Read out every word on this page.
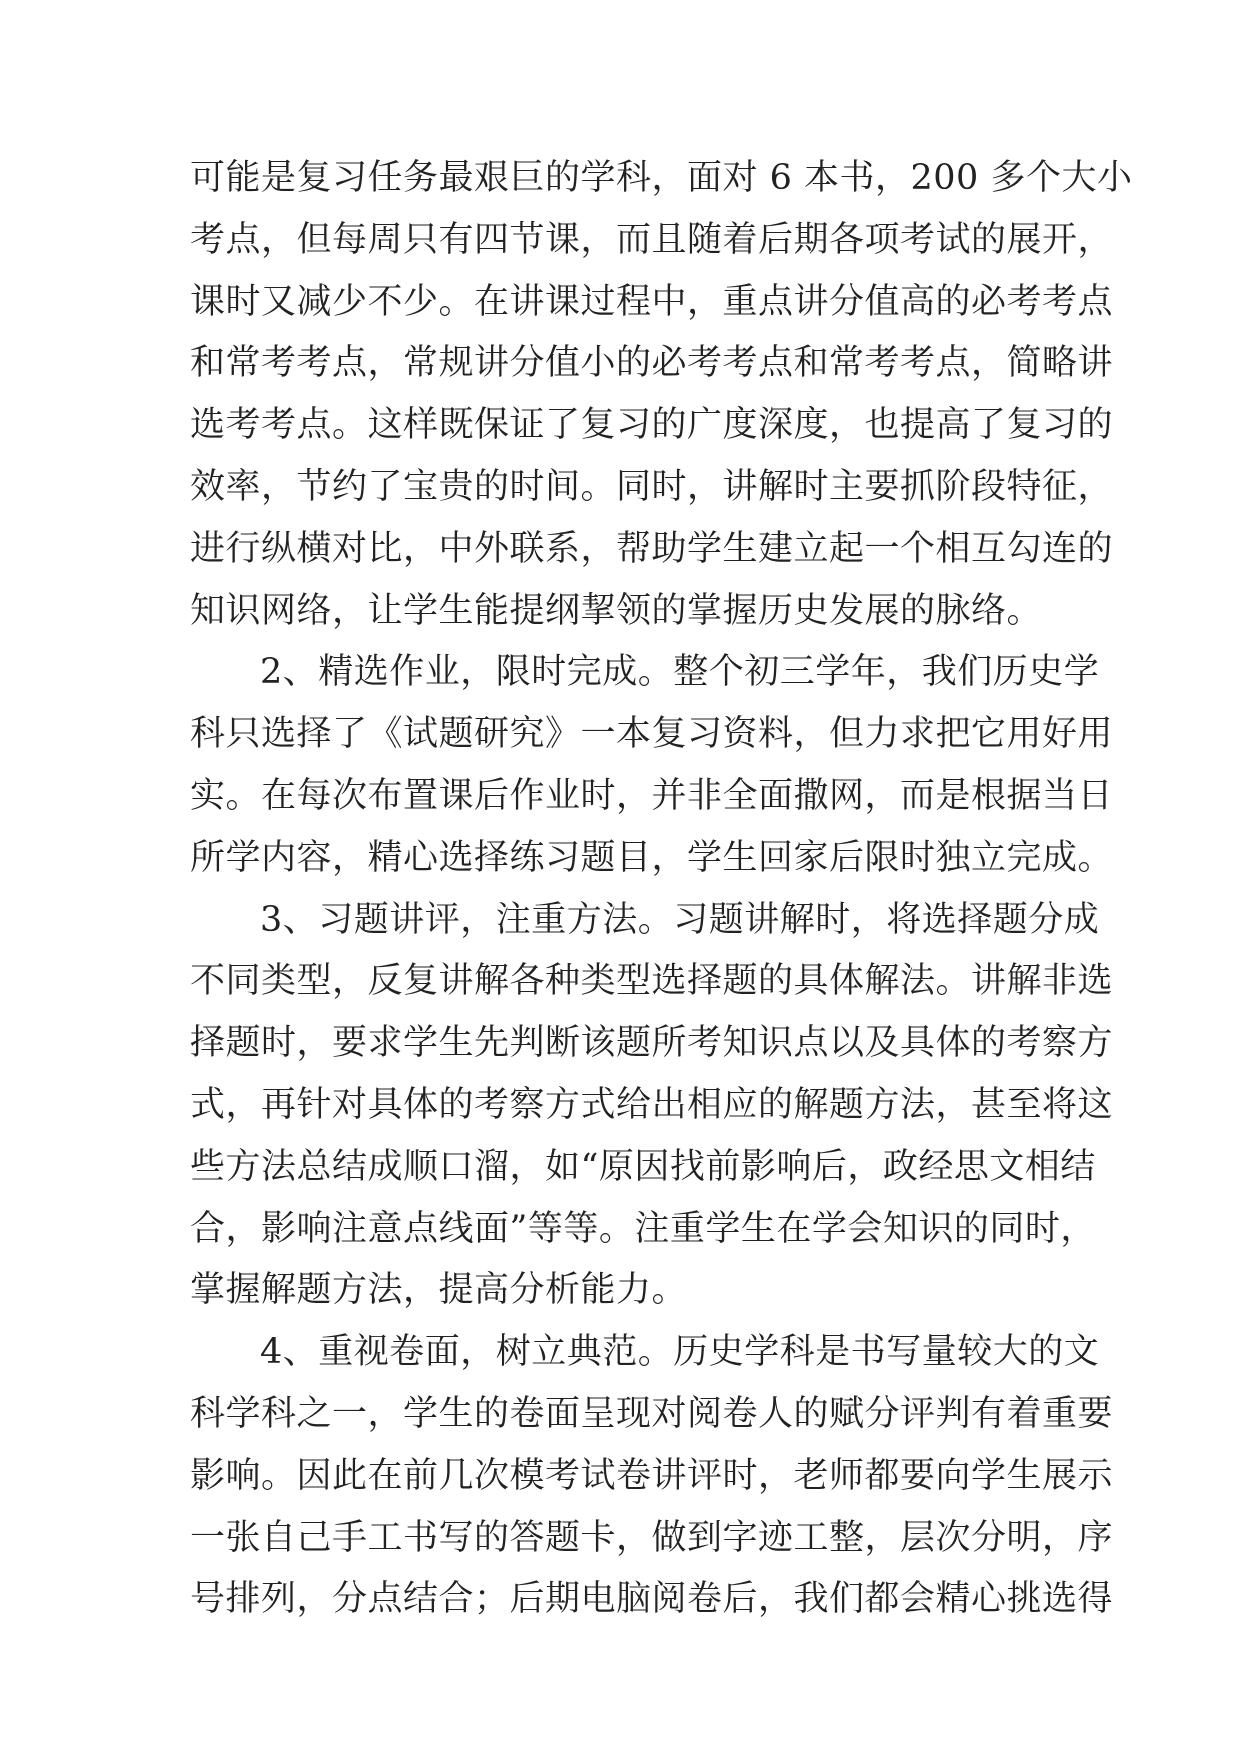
可能是复习任务最艰巨的学科，面对 6 本书，200 多个大小
考点，但每周只有四节课，而且随着后期各项考试的展开，
课时又减少不少。在讲课过程中，重点讲分值高的必考考点
和常考考点，常规讲分值小的必考考点和常考考点，简略讲
选考考点。这样既保证了复习的广度深度，也提高了复习的
效率，节约了宝贵的时间。同时，讲解时主要抓阶段特征，
进行纵横对比，中外联系，帮助学生建立起一个相互勾连的
知识网络，让学生能提纲挈领的掌握历史发展的脉络。
2、精选作业，限时完成。整个初三学年，我们历史学
科只选择了《试题研究》一本复习资料，但力求把它用好用
实。在每次布置课后作业时，并非全面撒网，而是根据当日
所学内容，精心选择练习题目，学生回家后限时独立完成。
3、习题讲评，注重方法。习题讲解时，将选择题分成
不同类型，反复讲解各种类型选择题的具体解法。讲解非选
择题时，要求学生先判断该题所考知识点以及具体的考察方
式，再针对具体的考察方式给出相应的解题方法，甚至将这
些方法总结成顺口溜，如“原因找前影响后，政经思文相结
合，影响注意点线面”等等。注重学生在学会知识的同时，
掌握解题方法，提高分析能力。
4、重视卷面，树立典范。历史学科是书写量较大的文
科学科之一，学生的卷面呈现对阅卷人的赋分评判有着重要
影响。因此在前几次模考试卷讲评时，老师都要向学生展示
一张自己手工书写的答题卡，做到字迹工整，层次分明，序
号排列，分点结合；后期电脑阅卷后，我们都会精心挑选得
